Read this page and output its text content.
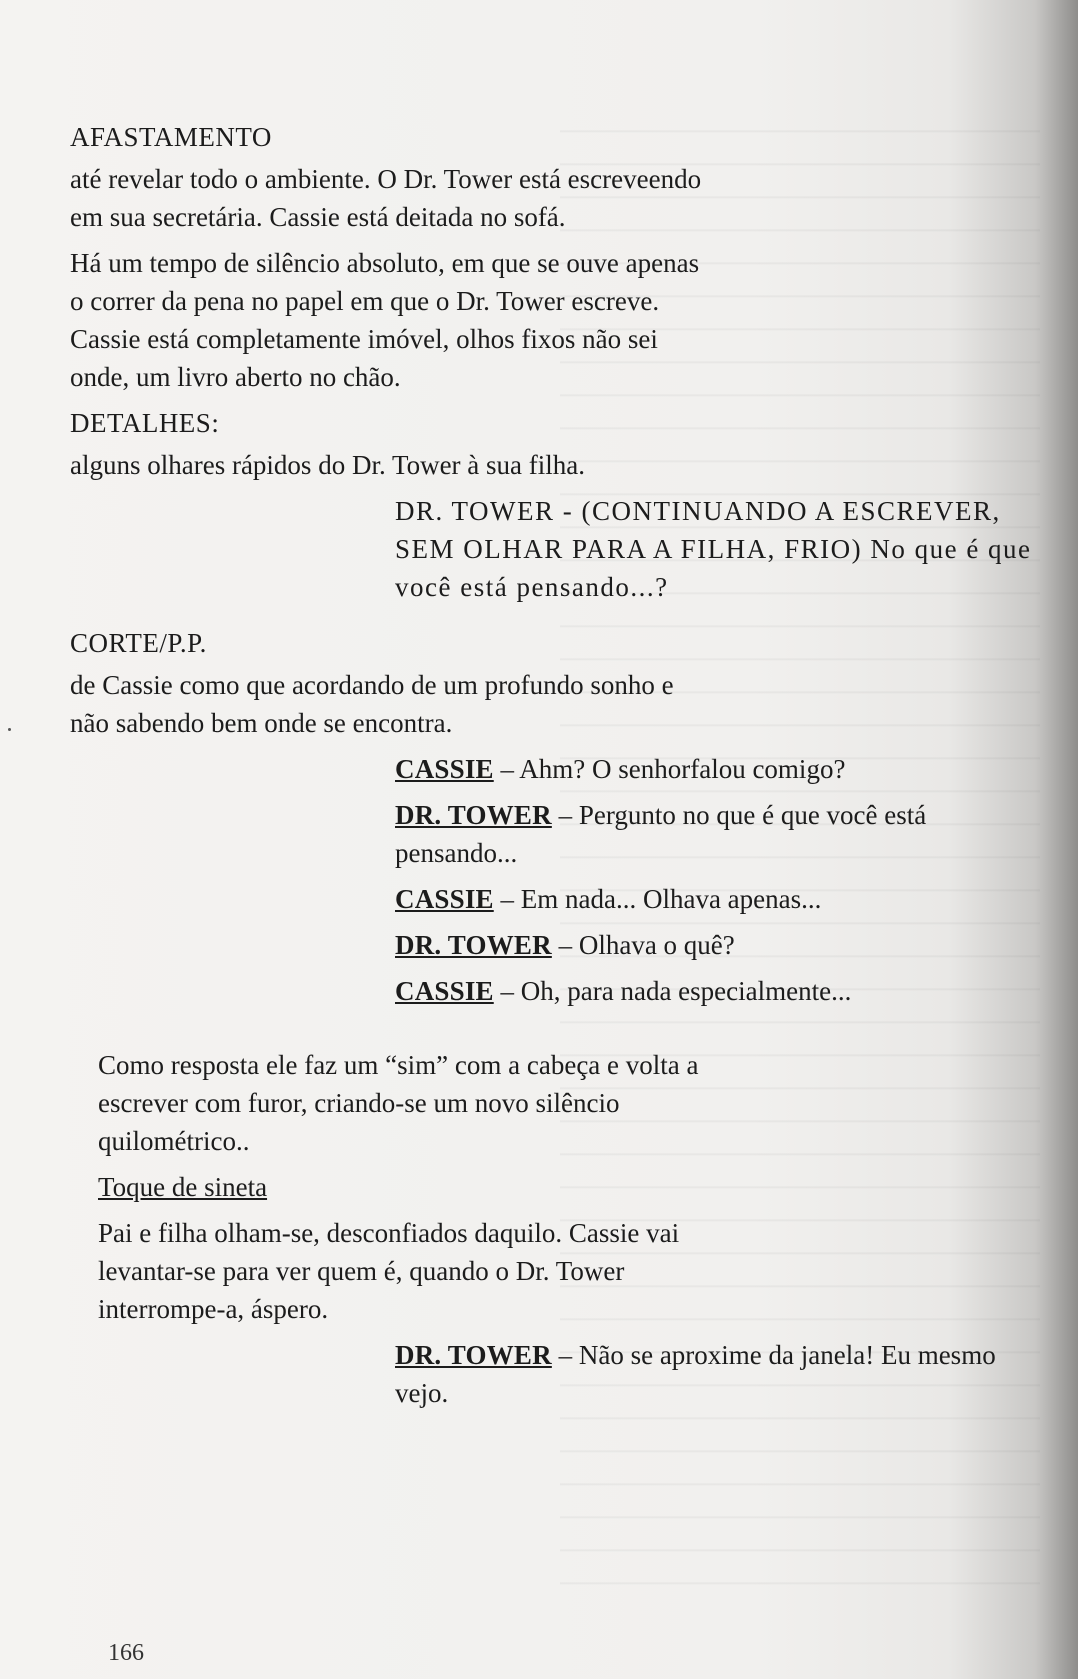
AFASTAMENTO

até revelar todo o ambiente. O Dr. Tower está escreveendo em sua secretária. Cassie está deitada no sofá.

Há um tempo de silêncio absoluto, em que se ouve apenas o correr da pena no papel em que o Dr. Tower escreve. Cassie está completamente imóvel, olhos fixos não sei onde, um livro aberto no chão.

DETALHES:

alguns olhares rápidos do Dr. Tower à sua filha.

DR. TOWER - (CONTINUANDO A ESCREVER, SEM OLHAR PARA A FILHA, FRIO) No que é que você está pensando...?

CORTE/P.P.

de Cassie como que acordando de um profundo sonho e não sabendo bem onde se encontra.

CASSIE – Ahm? O senhorfalou comigo?

DR. TOWER – Pergunto no que é que você está pensando...

CASSIE – Em nada... Olhava apenas...

DR. TOWER – Olhava o quê?

CASSIE – Oh, para nada especialmente...

Como resposta ele faz um “sim” com a cabeça e volta a escrever com furor, criando-se um novo silêncio quilométrico..

Toque de sineta

Pai e filha olham-se, desconfiados daquilo. Cassie vai levantar-se para ver quem é, quando o Dr. Tower interrompe-a, áspero.

DR. TOWER – Não se aproxime da janela! Eu mesmo vejo.

166
